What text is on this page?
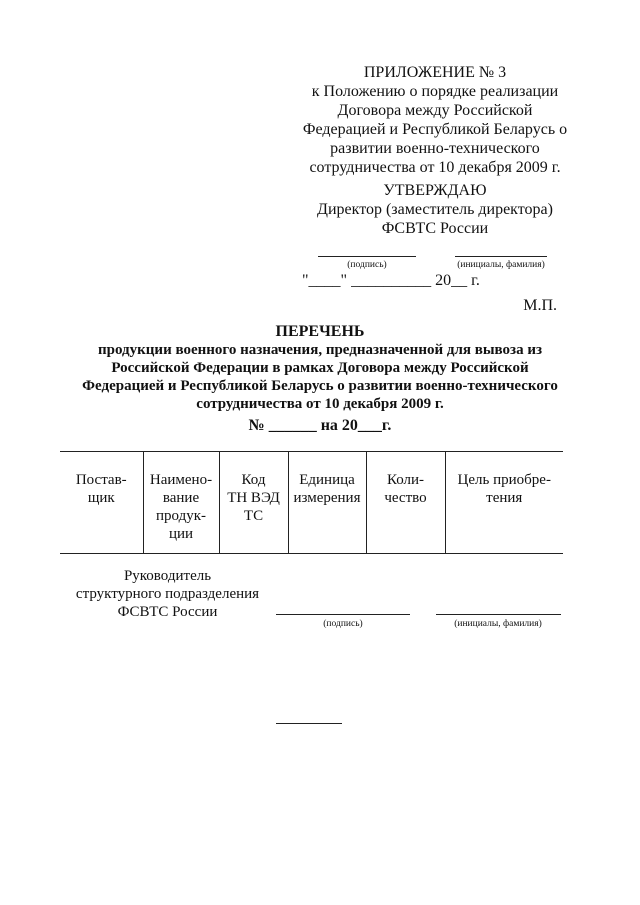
ПРИЛОЖЕНИЕ № 3
к Положению о порядке реализации
Договора между Российской
Федерацией и Республикой Беларусь о
развитии военно-технического
сотрудничества от 10 декабря 2009 г.
УТВЕРЖДАЮ
Директор (заместитель директора)
ФСВТС России
(подпись)	(инициалы, фамилия)
"____" __________ 20__ г.
М.П.
ПЕРЕЧЕНЬ
продукции военного назначения, предназначенной для вывоза из
Российской Федерации в рамках Договора между Российской
Федерацией и Республикой Беларусь о развитии военно-технического
сотрудничества от 10 декабря 2009 г.
№ ______ на 20___г.
Постав-
щик

Наимено-
вание
продук-
ции

Код
ТН ВЭД
ТС

Единица
измерения

Коли-
чество

Цель приобре-
тения
Руководитель
структурного подразделения
ФСВТС России
(подпись)	(инициалы, фамилия)
